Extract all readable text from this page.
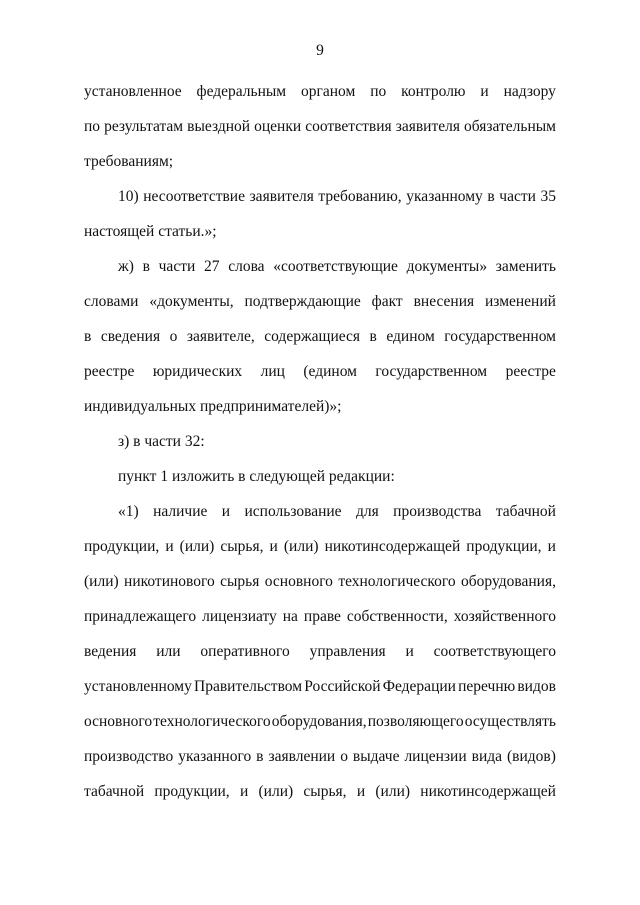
9
установленное федеральным органом по контролю и надзору
по результатам выездной оценки соответствия заявителя обязательным
требованиям;
10) несоответствие заявителя требованию, указанному в части 35
настоящей статьи.»;
ж) в части 27 слова «соответствующие документы» заменить
словами «документы, подтверждающие факт внесения изменений
в сведения о заявителе, содержащиеся в едином государственном
реестре юридических лиц (едином государственном реестре
индивидуальных предпринимателей)»;
з) в части 32:
пункт 1 изложить в следующей редакции:
«1) наличие и использование для производства табачной
продукции, и (или) сырья, и (или) никотинсодержащей продукции, и
(или) никотинового сырья основного технологического оборудования,
принадлежащего лицензиату на праве собственности, хозяйственного
ведения или оперативного управления и соответствующего
установленному Правительством Российской Федерации перечню видов
основного технологического оборудования, позволяющего осуществлять
производство указанного в заявлении о выдаче лицензии вида (видов)
табачной продукции, и (или) сырья, и (или) никотинсодержащей
